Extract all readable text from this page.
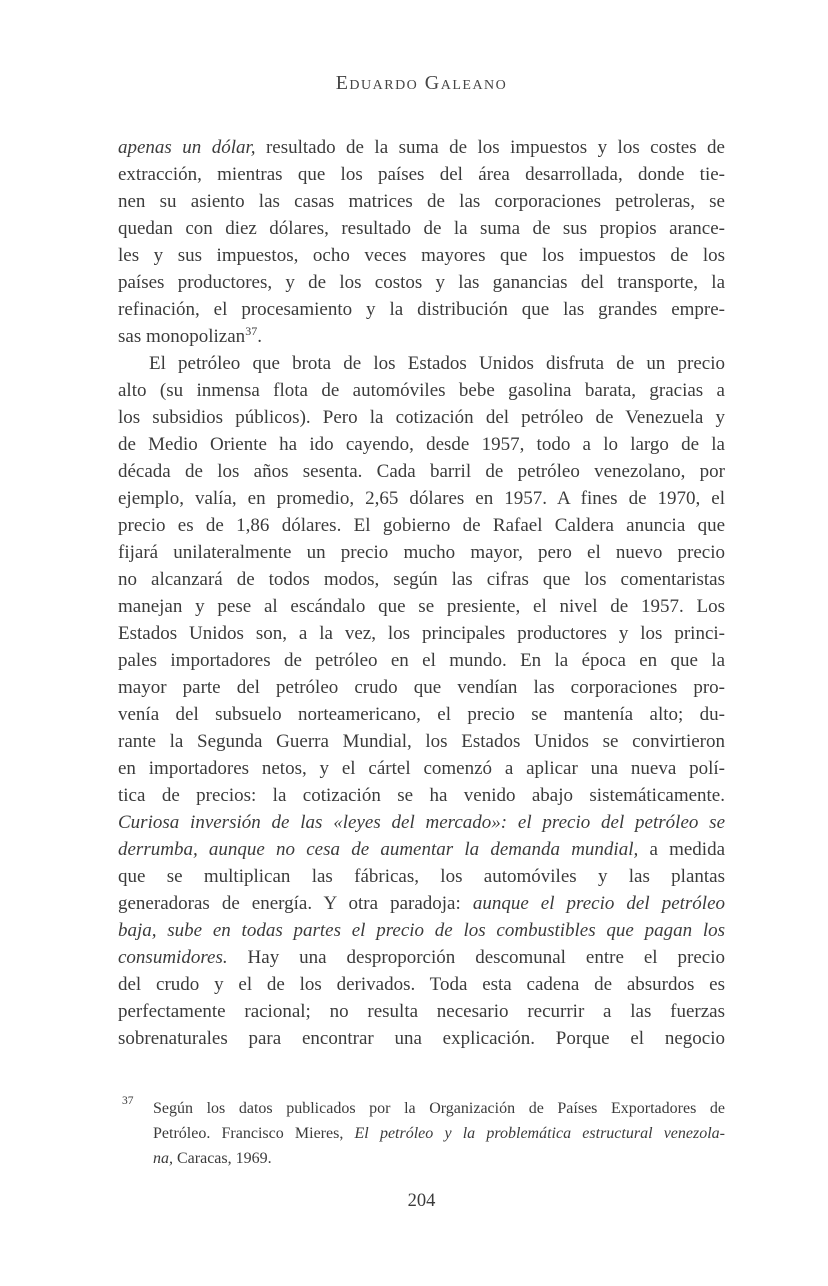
Eduardo Galeano
apenas un dólar, resultado de la suma de los impuestos y los costes de
extracción, mientras que los países del área desarrollada, donde tie-
nen su asiento las casas matrices de las corporaciones petroleras, se
quedan con diez dólares, resultado de la suma de sus propios arance-
les y sus impuestos, ocho veces mayores que los impuestos de los
países productores, y de los costos y las ganancias del transporte, la
refinación, el procesamiento y la distribución que las grandes empre-
sas monopolizan$^{37}$.
El petróleo que brota de los Estados Unidos disfruta de un precio
alto (su inmensa flota de automóviles bebe gasolina barata, gracias a
los subsidios públicos). Pero la cotización del petróleo de Venezuela y
de Medio Oriente ha ido cayendo, desde 1957, todo a lo largo de la
década de los años sesenta. Cada barril de petróleo venezolano, por
ejemplo, valía, en promedio, 2,65 dólares en 1957. A fines de 1970, el
precio es de 1,86 dólares. El gobierno de Rafael Caldera anuncia que
fijará unilateralmente un precio mucho mayor, pero el nuevo precio
no alcanzará de todos modos, según las cifras que los comentaristas
manejan y pese al escándalo que se presiente, el nivel de 1957. Los
Estados Unidos son, a la vez, los principales productores y los princi-
pales importadores de petróleo en el mundo. En la época en que la
mayor parte del petróleo crudo que vendían las corporaciones pro-
venía del subsuelo norteamericano, el precio se mantenía alto; du-
rante la Segunda Guerra Mundial, los Estados Unidos se convirtieron
en importadores netos, y el cártel comenzó a aplicar una nueva polí-
tica de precios: la cotización se ha venido abajo sistemáticamente.
Curiosa inversión de las «leyes del mercado»: el precio del petróleo se
derrumba, aunque no cesa de aumentar la demanda mundial, a medida
que se multiplican las fábricas, los automóviles y las plantas
generadoras de energía. Y otra paradoja: aunque el precio del petróleo
baja, sube en todas partes el precio de los combustibles que pagan los
consumidores. Hay una desproporción descomunal entre el precio
del crudo y el de los derivados. Toda esta cadena de absurdos es
perfectamente racional; no resulta necesario recurrir a las fuerzas
sobrenaturales para encontrar una explicación. Porque el negocio
37 Según los datos publicados por la Organización de Países Exportadores de
Petróleo. Francisco Mieres, El petróleo y la problemática estructural venezola-
na, Caracas, 1969.
204
